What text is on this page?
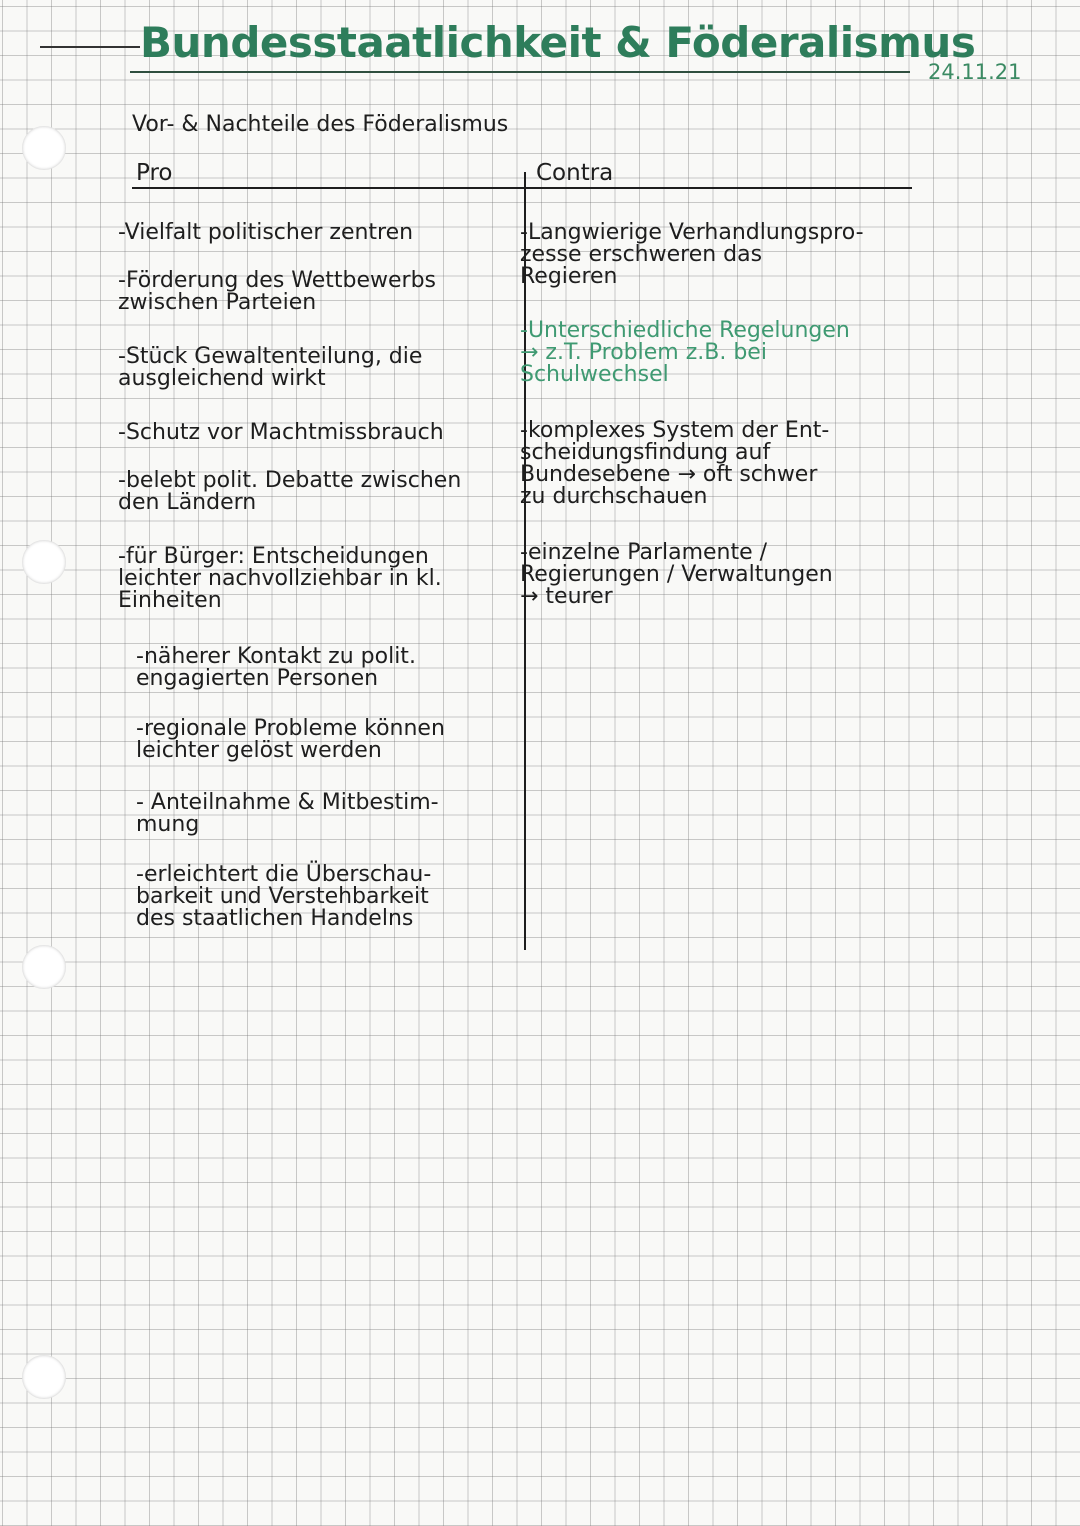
Bundesstaatlichkeit & Föderalismus
24.11.21
Vor- & Nachteile des Föderalismus
Pro	Contra
-Vielfalt politischer zentren
-Förderung des Wettbewerbs
zwischen Parteien
-Stück Gewaltenteilung, die
ausgleichend wirkt
-Schutz vor Machtmissbrauch
-belebt polit. Debatte zwischen
den Ländern
-für Bürger: Entscheidungen
leichter nachvollziehbar in kl.
Einheiten
-näherer Kontakt zu polit.
engagierten Personen
-regionale Probleme können
leichter gelöst werden
- Anteilnahme & Mitbestim-
mung
-erleichtert die Überschau-
barkeit und Verstehbarkeit
des staatlichen Handelns
-Langwierige Verhandlungspro-
zesse erschweren das
Regieren
-Unterschiedliche Regelungen
→ z.T. Problem z.B. bei
Schulwechsel
-komplexes System der Ent-
scheidungsfindung auf
Bundesebene → oft schwer
zu durchschauen
-einzelne Parlamente /
Regierungen / Verwaltungen
→ teurer
